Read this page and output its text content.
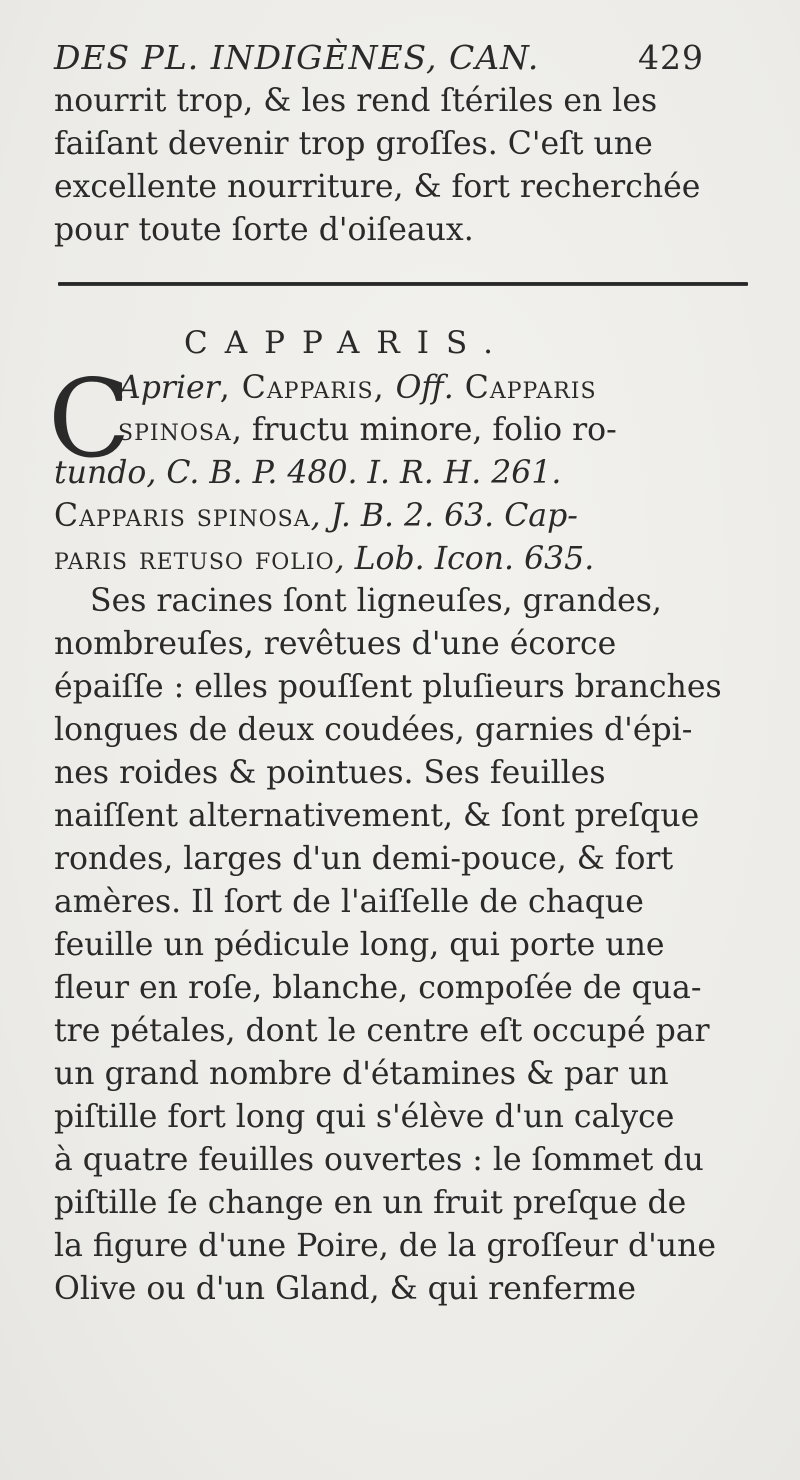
DES PL. INDIGÈNES, CAN.	429
nourrit trop, & les rend ſtériles en les
faiſant devenir trop groſſes. C'eſt une
excellente nourriture, & fort recherchée
pour toute ſorte d'oiſeaux.
CAPPARIS.
C
Aprier, Capparis, Off. Capparis
spinosa, fructu minore, folio ro-
tundo, C. B. P. 480. I. R. H. 261.
Capparis spinosa, J. B. 2. 63. Cap-
paris retuso folio, Lob. Icon. 635.
Ses racines ſont ligneuſes, grandes,
nombreuſes, revêtues d'une écorce
épaiſſe : elles pouſſent pluſieurs branches
longues de deux coudées, garnies d'épi-
nes roides & pointues. Ses feuilles
naiſſent alternativement, & ſont preſque
rondes, larges d'un demi-pouce, & fort
amères. Il ſort de l'aiſſelle de chaque
feuille un pédicule long, qui porte une
fleur en roſe, blanche, compoſée de qua-
tre pétales, dont le centre eſt occupé par
un grand nombre d'étamines & par un
piſtille fort long qui s'élève d'un calyce
à quatre feuilles ouvertes : le ſommet du
piſtille ſe change en un fruit preſque de
la figure d'une Poire, de la groſſeur d'une
Olive ou d'un Gland, & qui renferme
